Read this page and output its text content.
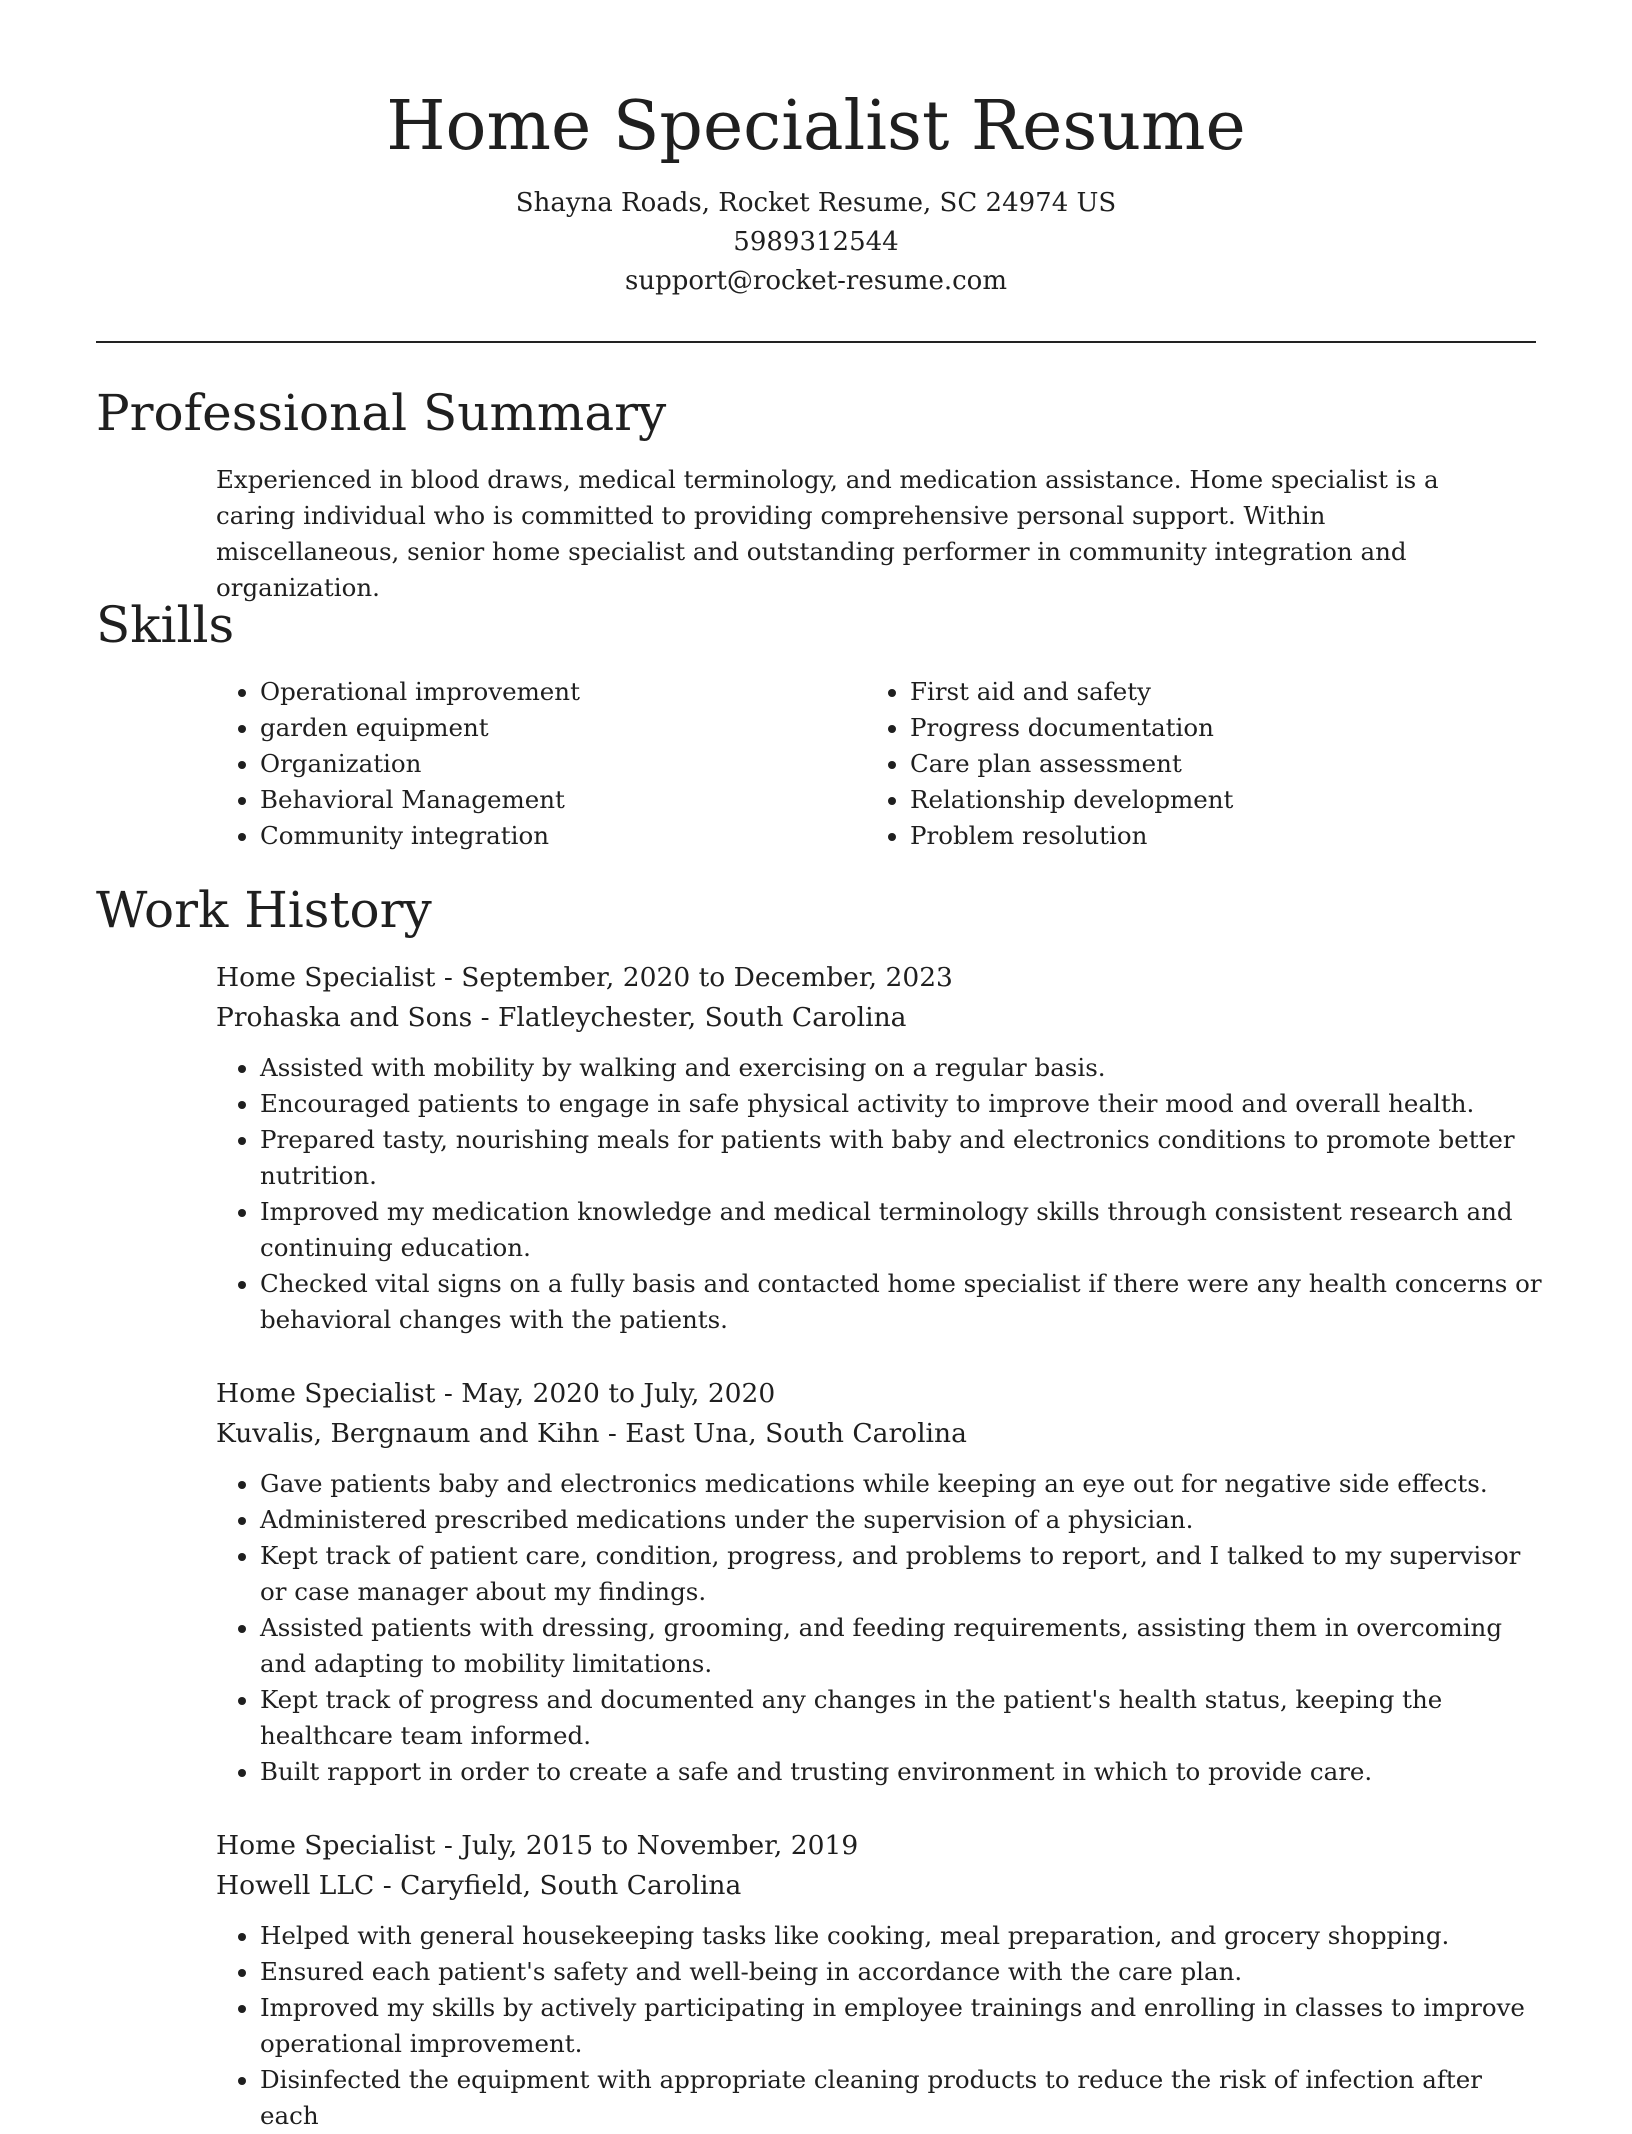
Home Specialist Resume
Shayna Roads, Rocket Resume, SC 24974 US
5989312544
support@rocket-resume.com
Professional Summary
Experienced in blood draws, medical terminology, and medication assistance. Home specialist is a caring individual who is committed to providing comprehensive personal support. Within miscellaneous, senior home specialist and outstanding performer in community integration and organization.
Skills
• Operational improvement
• garden equipment
• Organization
• Behavioral Management
• Community integration
• First aid and safety
• Progress documentation
• Care plan assessment
• Relationship development
• Problem resolution
Work History
Home Specialist - September, 2020 to December, 2023
Prohaska and Sons - Flatleychester, South Carolina
• Assisted with mobility by walking and exercising on a regular basis.
• Encouraged patients to engage in safe physical activity to improve their mood and overall health.
• Prepared tasty, nourishing meals for patients with baby and electronics conditions to promote better nutrition.
• Improved my medication knowledge and medical terminology skills through consistent research and continuing education.
• Checked vital signs on a fully basis and contacted home specialist if there were any health concerns or behavioral changes with the patients.
Home Specialist - May, 2020 to July, 2020
Kuvalis, Bergnaum and Kihn - East Una, South Carolina
• Gave patients baby and electronics medications while keeping an eye out for negative side effects.
• Administered prescribed medications under the supervision of a physician.
• Kept track of patient care, condition, progress, and problems to report, and I talked to my supervisor or case manager about my findings.
• Assisted patients with dressing, grooming, and feeding requirements, assisting them in overcoming and adapting to mobility limitations.
• Kept track of progress and documented any changes in the patient's health status, keeping the healthcare team informed.
• Built rapport in order to create a safe and trusting environment in which to provide care.
Home Specialist - July, 2015 to November, 2019
Howell LLC - Caryfield, South Carolina
• Helped with general housekeeping tasks like cooking, meal preparation, and grocery shopping.
• Ensured each patient's safety and well-being in accordance with the care plan.
• Improved my skills by actively participating in employee trainings and enrolling in classes to improve operational improvement.
• Disinfected the equipment with appropriate cleaning products to reduce the risk of infection after each
